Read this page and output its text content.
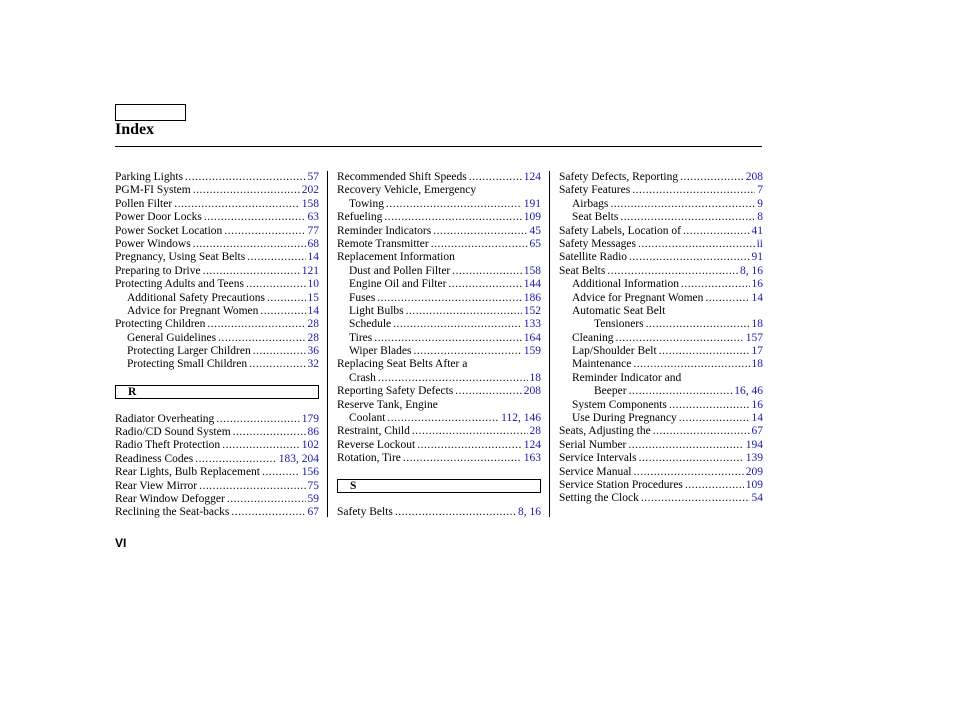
Index
Parking Lights .....	57
PGM-FI System .....	202
Pollen Filter .....	158
Power Door Locks .....	63
Power Socket Location .....	77
Power Windows .....	68
Pregnancy, Using Seat Belts .....	14
Preparing to Drive .....	121
Protecting Adults and Teens .....	10
Additional Safety Precautions .....	15
Advice for Pregnant Women .....	14
Protecting Children .....	28
General Guidelines .....	28
Protecting Larger Children .....	36
Protecting Small Children .....	32
R
Radiator Overheating .....	179
Radio/CD Sound System .....	86
Radio Theft Protection .....	102
Readiness Codes .....	183, 204
Rear Lights, Bulb Replacement .....	156
Rear View Mirror .....	75
Rear Window Defogger .....	59
Reclining the Seat-backs .....	67
Recommended Shift Speeds .....	124
Recovery Vehicle, Emergency
Towing .....	191
Refueling .....	109
Reminder Indicators .....	45
Remote Transmitter .....	65
Replacement Information
Dust and Pollen Filter .....	158
Engine Oil and Filter .....	144
Fuses .....	186
Light Bulbs .....	152
Schedule .....	133
Tires .....	164
Wiper Blades .....	159
Replacing Seat Belts After a
Crash .....	18
Reporting Safety Defects .....	208
Reserve Tank, Engine
Coolant .....	112, 146
Restraint, Child .....	28
Reverse Lockout .....	124
Rotation, Tire .....	163
S
Safety Belts .....	8, 16
Safety Defects, Reporting .....	208
Safety Features .....	7
Airbags .....	9
Seat Belts .....	8
Safety Labels, Location of .....	41
Safety Messages .....	ii
Satellite Radio .....	91
Seat Belts .....	8, 16
Additional Information .....	16
Advice for Pregnant Women .....	14
Automatic Seat Belt
Tensioners .....	18
Cleaning .....	157
Lap/Shoulder Belt .....	17
Maintenance .....	18
Reminder Indicator and
Beeper .....	16, 46
System Components .....	16
Use During Pregnancy .....	14
Seats, Adjusting the .....	67
Serial Number .....	194
Service Intervals .....	139
Service Manual .....	209
Service Station Procedures .....	109
Setting the Clock .....	54
VI
